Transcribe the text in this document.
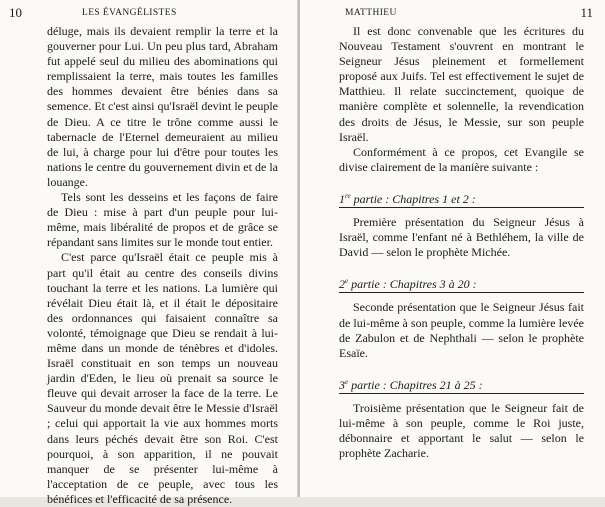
10	LES ÉVANGÉLISTES

déluge, mais ils devaient remplir la terre et la gouverner pour Lui. Un peu plus tard, Abraham fut appelé seul du milieu des abominations qui remplissaient la terre, mais toutes les familles des hommes devaient être bénies dans sa semence. Et c'est ainsi qu'Israël devint le peuple de Dieu. A ce titre le trône comme aussi le tabernacle de l'Eternel demeuraient au milieu de lui, à charge pour lui d'être pour toutes les nations le centre du gouvernement divin et de la louange.

Tels sont les desseins et les façons de faire de Dieu : mise à part d'un peuple pour lui-même, mais libéralité de propos et de grâce se répandant sans limites sur le monde tout entier.

C'est parce qu'Israël était ce peuple mis à part qu'il était au centre des conseils divins touchant la terre et les nations. La lumière qui révélait Dieu était là, et il était le dépositaire des ordonnances qui faisaient connaître sa volonté, témoignage que Dieu se rendait à lui-même dans un monde de ténèbres et d'idoles. Israël constituait en son temps un nouveau jardin d'Eden, le lieu où prenait sa source le fleuve qui devait arroser la face de la terre. Le Sauveur du monde devait être le Messie d'Israël ; celui qui apportait la vie aux hommes morts dans leurs péchés devait être son Roi. C'est pourquoi, à son apparition, il ne pouvait manquer de se présenter lui-même à l'acceptation de ce peuple, avec tous les bénéfices et l'efficacité de sa présence.

MATTHIEU	11

Il est donc convenable que les écritures du Nouveau Testament s'ouvrent en montrant le Seigneur Jésus pleinement et formellement proposé aux Juifs. Tel est effectivement le sujet de Matthieu. Il relate succinctement, quoique de manière complète et solennelle, la revendication des droits de Jésus, le Messie, sur son peuple Israël.

Conformément à ce propos, cet Evangile se divise clairement de la manière suivante :

1re partie : Chapitres 1 et 2 :

Première présentation du Seigneur Jésus à Israël, comme l'enfant né à Bethléhem, la ville de David — selon le prophète Michée.

2e partie : Chapitres 3 à 20 :

Seconde présentation que le Seigneur Jésus fait de lui-même à son peuple, comme la lumière levée de Zabulon et de Nephthali — selon le prophète Esaïe.

3e partie : Chapitres 21 à 25 :

Troisième présentation que le Seigneur fait de lui-même à son peuple, comme le Roi juste, débonnaire et apportant le salut — selon le prophète Zacharie.
